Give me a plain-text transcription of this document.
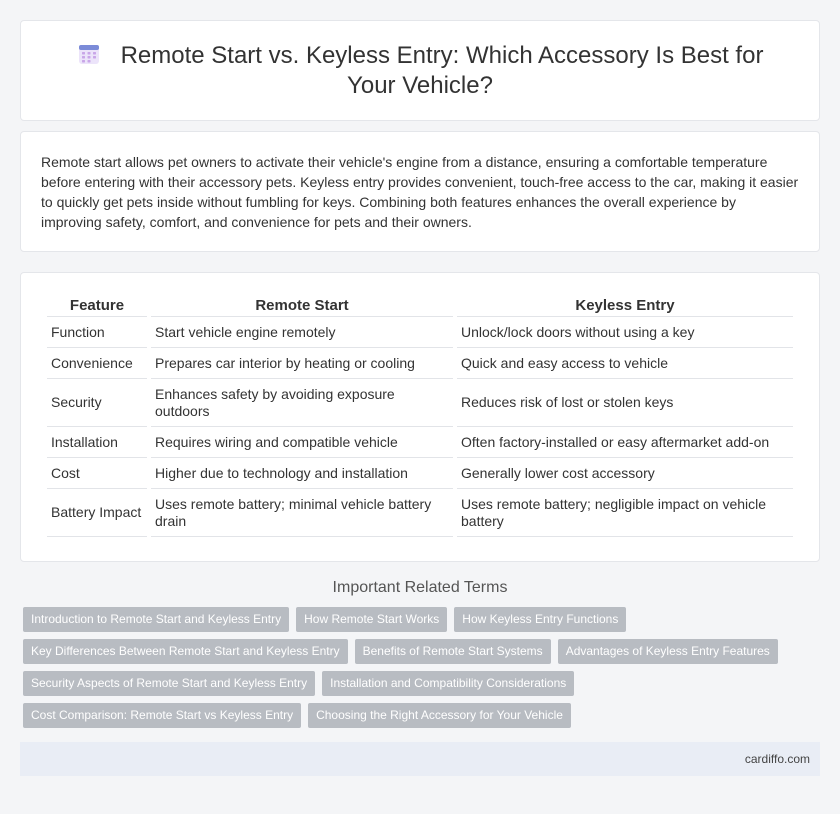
Remote Start vs. Keyless Entry: Which Accessory Is Best for Your Vehicle?

Remote start allows pet owners to activate their vehicle's engine from a distance, ensuring a comfortable temperature before entering with their accessory pets. Keyless entry provides convenient, touch-free access to the car, making it easier to quickly get pets inside without fumbling for keys. Combining both features enhances the overall experience by improving safety, comfort, and convenience for pets and their owners.

Feature	Remote Start	Keyless Entry
Function	Start vehicle engine remotely	Unlock/lock doors without using a key
Convenience	Prepares car interior by heating or cooling	Quick and easy access to vehicle
Security	Enhances safety by avoiding exposure outdoors	Reduces risk of lost or stolen keys
Installation	Requires wiring and compatible vehicle	Often factory-installed or easy aftermarket add-on
Cost	Higher due to technology and installation	Generally lower cost accessory
Battery Impact	Uses remote battery; minimal vehicle battery drain	Uses remote battery; negligible impact on vehicle battery
Important Related Terms
Introduction to Remote Start and Keyless Entry	How Remote Start Works	How Keyless Entry Functions
Key Differences Between Remote Start and Keyless Entry	Benefits of Remote Start Systems	Advantages of Keyless Entry Features
Security Aspects of Remote Start and Keyless Entry	Installation and Compatibility Considerations
Cost Comparison: Remote Start vs Keyless Entry	Choosing the Right Accessory for Your Vehicle
cardiffo.com
